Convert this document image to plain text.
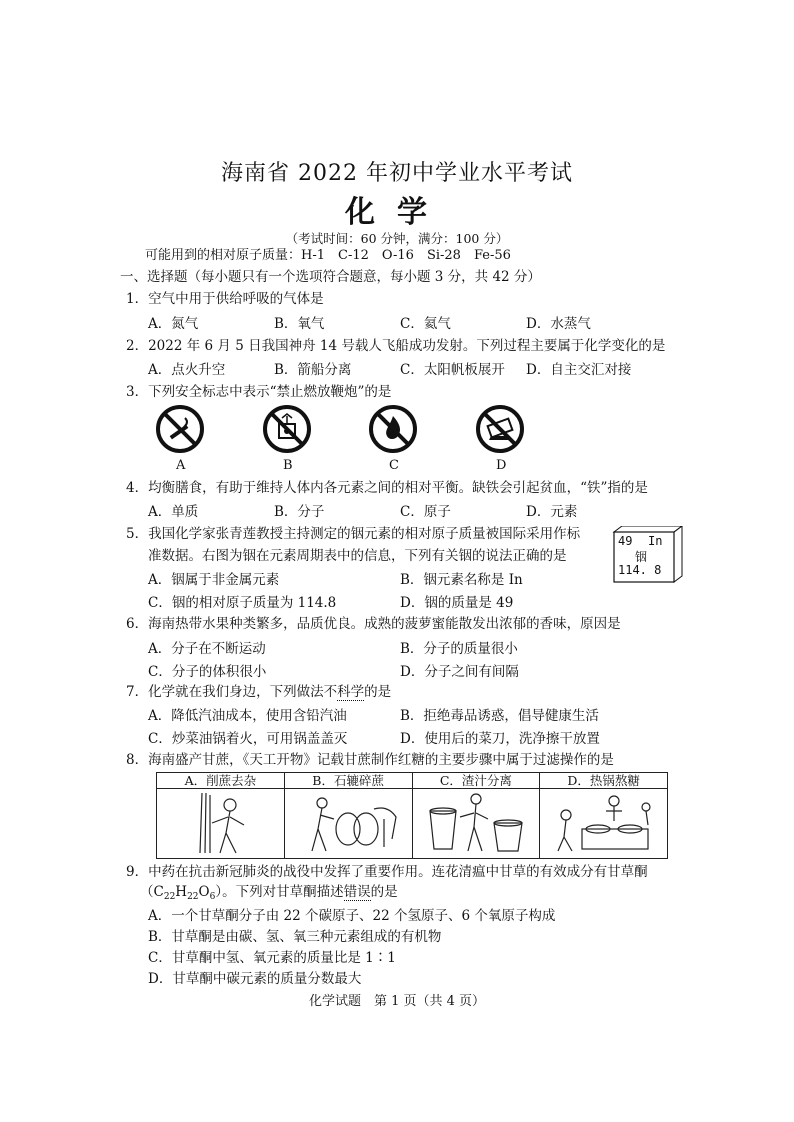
海南省 2022 年初中学业水平考试
化学
（考试时间：60 分钟，满分：100 分）
可能用到的相对原子质量：H-1　C-12　O-16　Si-28　Fe-56
一、选择题（每小题只有一个选项符合题意，每小题 3 分，共 42 分）
1．空气中用于供给呼吸的气体是
A．氮气	B．氧气	C．氦气	D．水蒸气
2．2022 年 6 月 5 日我国神舟 14 号载人飞船成功发射。下列过程主要属于化学变化的是
A．点火升空	B．箭船分离	C．太阳帆板展开 D．自主交汇对接
3．下列安全标志中表示“禁止燃放鞭炮”的是
A	B	C	D
4．均衡膳食，有助于维持人体内各元素之间的相对平衡。缺铁会引起贫血，“铁”指的是
A．单质	B．分子	C．原子	D．元素
5．我国化学家张青莲教授主持测定的铟元素的相对原子质量被国际采用作标
准数据。右图为铟在元素周期表中的信息，下列有关铟的说法正确的是
A．铟属于非金属元素	B．铟元素名称是 In
C．铟的相对原子质量为 114.8	D．铟的质量是 49
49 In
铟
114. 8
6．海南热带水果种类繁多，品质优良。成熟的菠萝蜜能散发出浓郁的香味，原因是
A．分子在不断运动	B．分子的质量很小
C．分子的体积很小	D．分子之间有间隔
7．化学就在我们身边，下列做法不科学的是
A．降低汽油成本，使用含铅汽油	B．拒绝毒品诱惑，倡导健康生活
C．炒菜油锅着火，可用锅盖盖灭	D．使用后的菜刀，洗净擦干放置
8．海南盛产甘蔗，《天工开物》记载甘蔗制作红糖的主要步骤中属于过滤操作的是
A．削蔗去杂	B．石辘碎蔗	C．渣汁分离	D．热锅熬糖
9．中药在抗击新冠肺炎的战役中发挥了重要作用。连花清瘟中甘草的有效成分有甘草酮
$(C_{22}H_{22}O_6)$。下列对甘草酮描述错误的是
A．一个甘草酮分子由 22 个碳原子、22 个氢原子、6 个氧原子构成
B．甘草酮是由碳、氢、氧三种元素组成的有机物
C．甘草酮中氢、氧元素的质量比是 1∶1
D．甘草酮中碳元素的质量分数最大
化学试题　第 1 页（共 4 页）
